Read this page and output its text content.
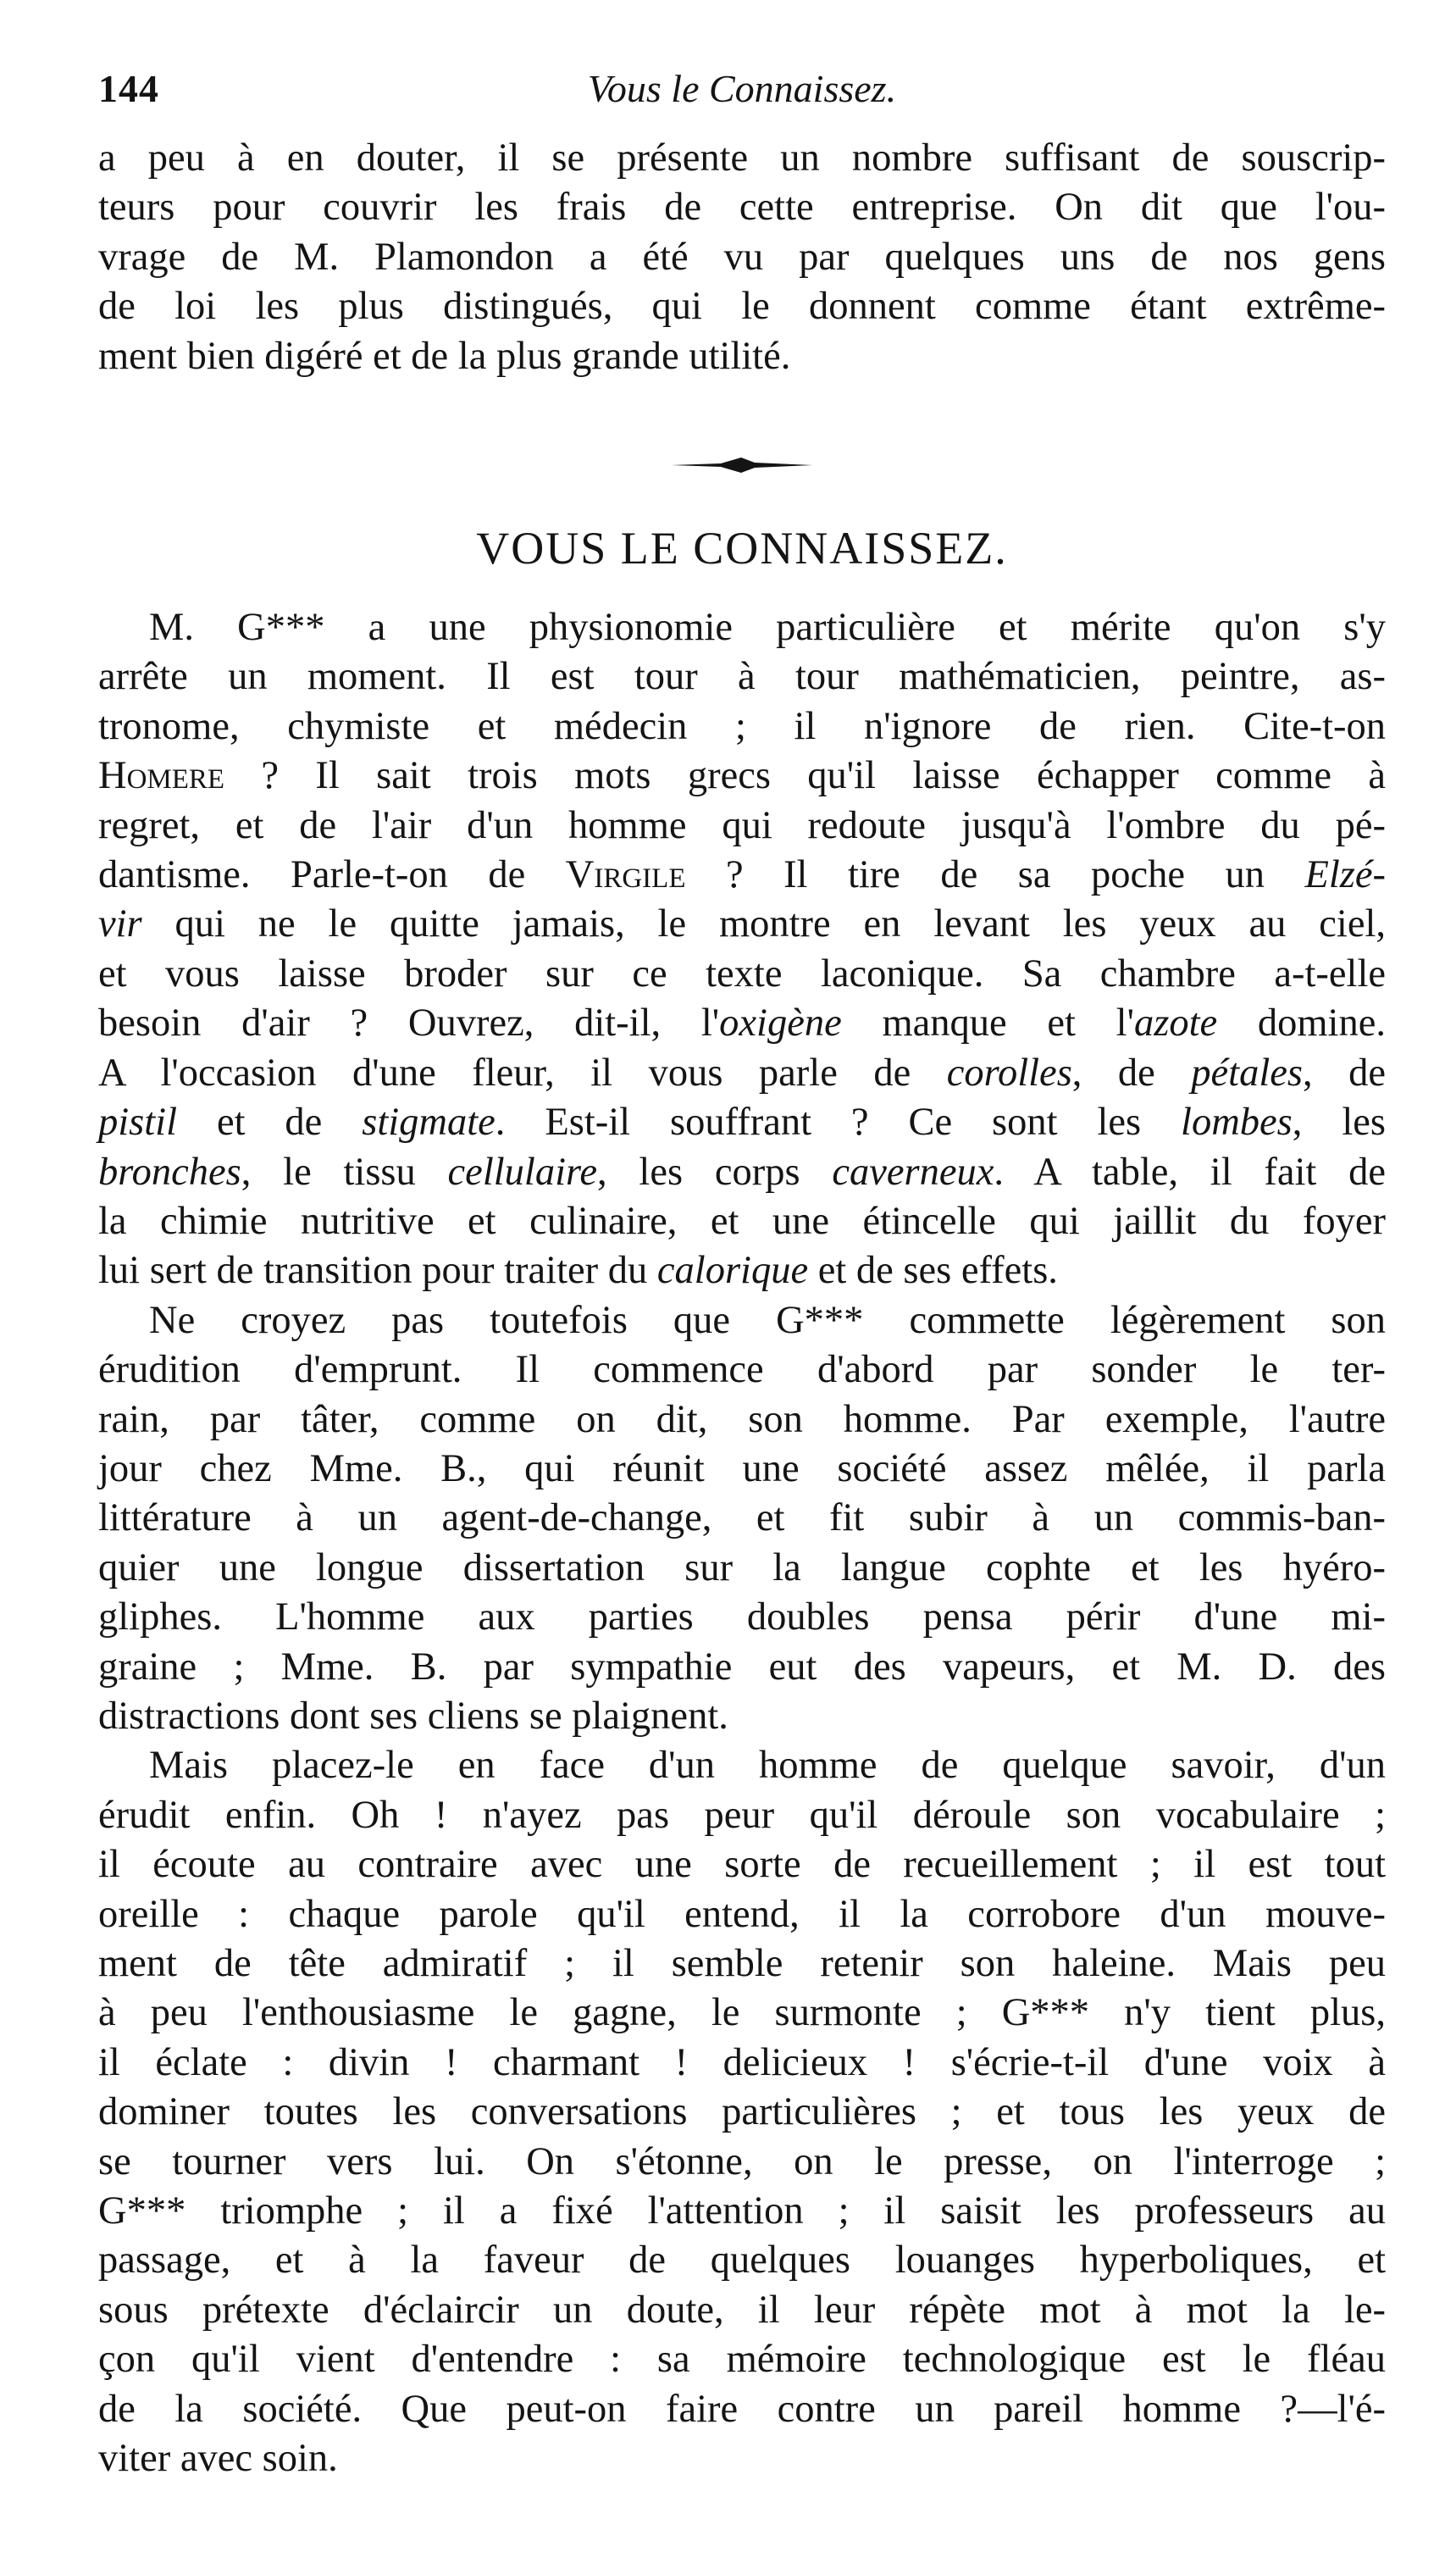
144	Vous le Connaissez.
a peu à en douter, il se présente un nombre suffisant de souscrip-
teurs pour couvrir les frais de cette entreprise. On dit que l'ou-
vrage de M. Plamondon a été vu par quelques uns de nos gens
de loi les plus distingués, qui le donnent comme étant extrême-
ment bien digéré et de la plus grande utilité.
VOUS LE CONNAISSEZ.
M. G*** a une physionomie particulière et mérite qu'on s'y
arrête un moment. Il est tour à tour mathématicien, peintre, as-
tronome, chymiste et médecin ; il n'ignore de rien. Cite-t-on
Homere ? Il sait trois mots grecs qu'il laisse échapper comme à
regret, et de l'air d'un homme qui redoute jusqu'à l'ombre du pé-
dantisme. Parle-t-on de Virgile ? Il tire de sa poche un Elzé-
vir qui ne le quitte jamais, le montre en levant les yeux au ciel,
et vous laisse broder sur ce texte laconique. Sa chambre a-t-elle
besoin d'air ? Ouvrez, dit-il, l'oxigène manque et l'azote domine.
A l'occasion d'une fleur, il vous parle de corolles, de pétales, de
pistil et de stigmate. Est-il souffrant ? Ce sont les lombes, les
bronches, le tissu cellulaire, les corps caverneux. A table, il fait de
la chimie nutritive et culinaire, et une étincelle qui jaillit du foyer
lui sert de transition pour traiter du calorique et de ses effets.
Ne croyez pas toutefois que G*** commette légèrement son
érudition d'emprunt. Il commence d'abord par sonder le ter-
rain, par tâter, comme on dit, son homme. Par exemple, l'autre
jour chez Mme. B., qui réunit une société assez mêlée, il parla
littérature à un agent-de-change, et fit subir à un commis-ban-
quier une longue dissertation sur la langue cophte et les hyéro-
gliphes. L'homme aux parties doubles pensa périr d'une mi-
graine ; Mme. B. par sympathie eut des vapeurs, et M. D. des
distractions dont ses cliens se plaignent.
Mais placez-le en face d'un homme de quelque savoir, d'un
érudit enfin. Oh ! n'ayez pas peur qu'il déroule son vocabulaire ;
il écoute au contraire avec une sorte de recueillement ; il est tout
oreille : chaque parole qu'il entend, il la corrobore d'un mouve-
ment de tête admiratif ; il semble retenir son haleine. Mais peu
à peu l'enthousiasme le gagne, le surmonte ; G*** n'y tient plus,
il éclate : divin ! charmant ! delicieux ! s'écrie-t-il d'une voix à
dominer toutes les conversations particulières ; et tous les yeux de
se tourner vers lui. On s'étonne, on le presse, on l'interroge ;
G*** triomphe ; il a fixé l'attention ; il saisit les professeurs au
passage, et à la faveur de quelques louanges hyperboliques, et
sous prétexte d'éclaircir un doute, il leur répète mot à mot la le-
çon qu'il vient d'entendre : sa mémoire technologique est le fléau
de la société. Que peut-on faire contre un pareil homme ?—l'é-
viter avec soin.
